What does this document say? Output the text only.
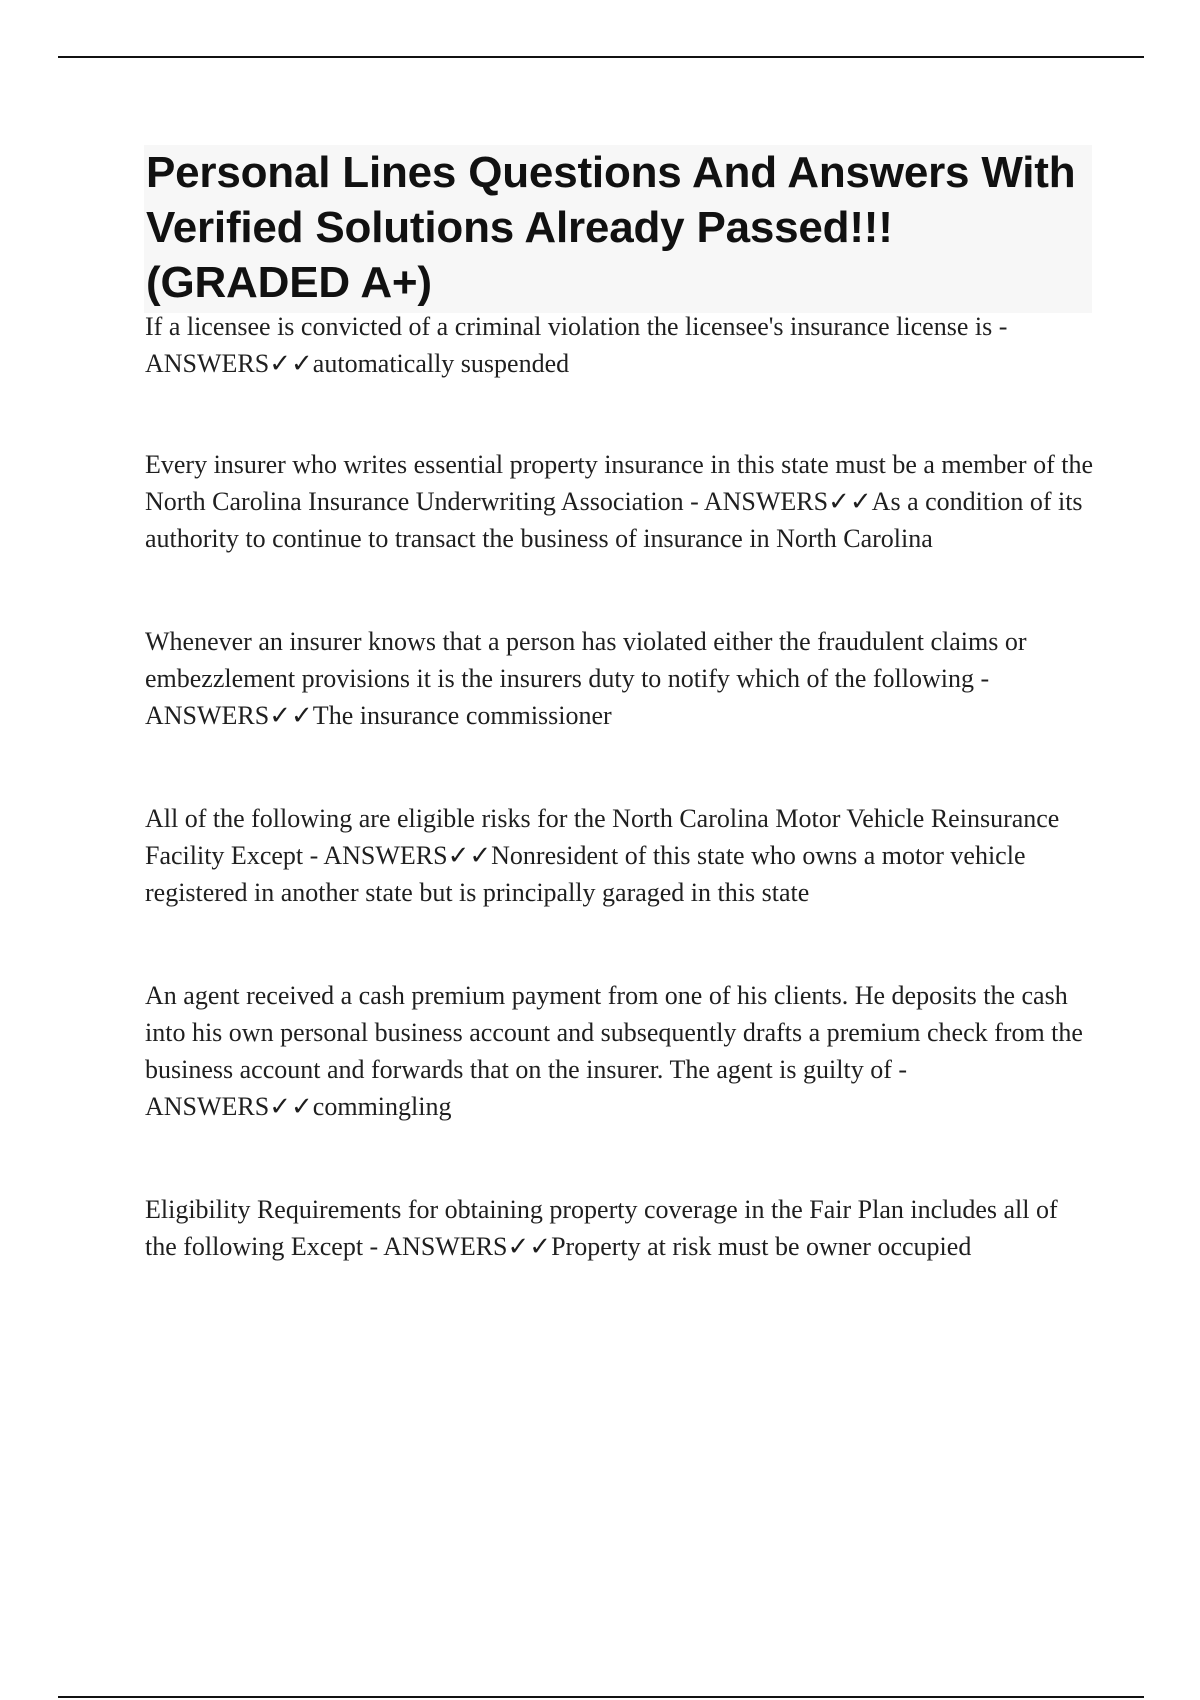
Personal Lines Questions And Answers With Verified Solutions Already Passed!!!(GRADED A+)
If a licensee is convicted of a criminal violation the licensee's insurance license is - ANSWERS✓✓automatically suspended
Every insurer who writes essential property insurance in this state must be a member of the North Carolina Insurance Underwriting Association - ANSWERS✓✓As a condition of its authority to continue to transact the business of insurance in North Carolina
Whenever an insurer knows that a person has violated either the fraudulent claims or embezzlement provisions it is the insurers duty to notify which of the following - ANSWERS✓✓The insurance commissioner
All of the following are eligible risks for the North Carolina Motor Vehicle Reinsurance Facility Except - ANSWERS✓✓Nonresident of this state who owns a motor vehicle registered in another state but is principally garaged in this state
An agent received a cash premium payment from one of his clients. He deposits the cash into his own personal business account and subsequently drafts a premium check from the business account and forwards that on the insurer. The agent is guilty of - ANSWERS✓✓commingling
Eligibility Requirements for obtaining property coverage in the Fair Plan includes all of the following Except - ANSWERS✓✓Property at risk must be owner occupied
